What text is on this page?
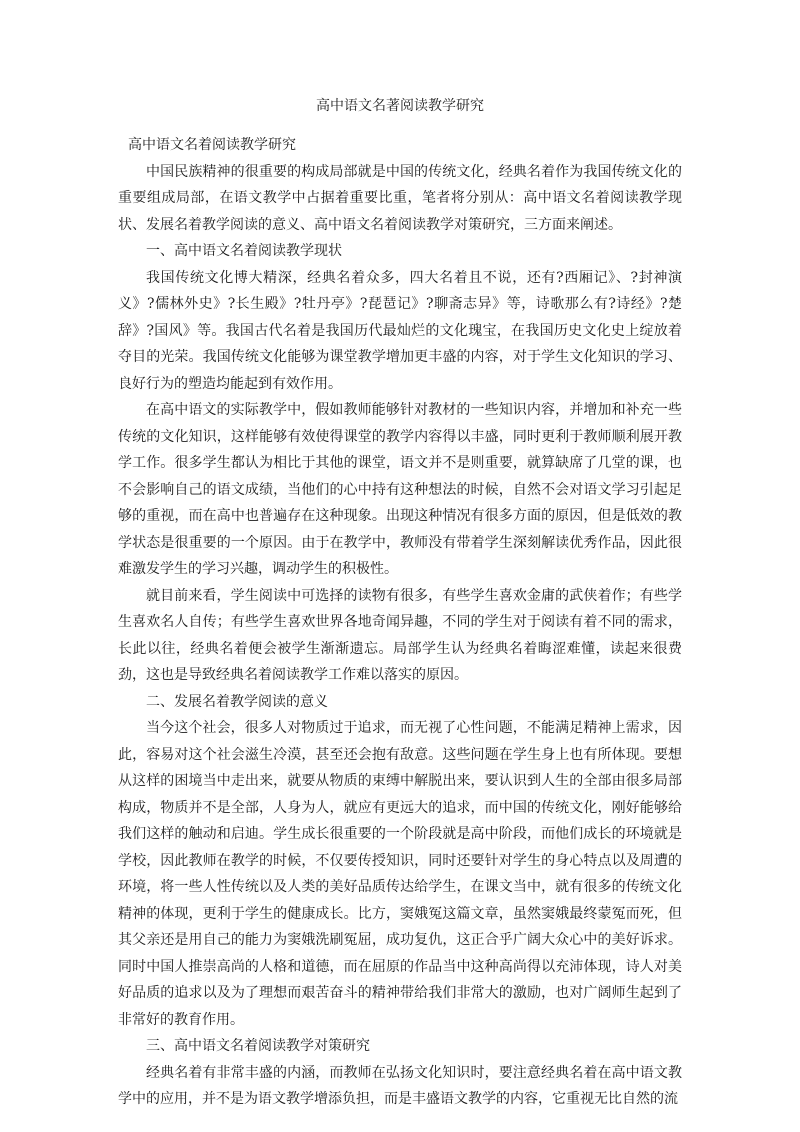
高中语文名著阅读教学研究

高中语文名着阅读教学研究

中国民族精神的很重要的构成局部就是中国的传统文化，经典名着作为我国传统文化的重要组成局部，在语文教学中占据着重要比重，笔者将分别从：高中语文名着阅读教学现状、发展名着教学阅读的意义、高中语文名着阅读教学对策研究，三方面来阐述。

一、高中语文名着阅读教学现状

我国传统文化博大精深，经典名着众多，四大名着且不说，还有?西厢记》、?封神演义》?儒林外史》?长生殿》?牡丹亭》?琵琶记》?聊斋志异》等，诗歌那么有?诗经》?楚辞》?国风》等。我国古代名着是我国历代最灿烂的文化瑰宝，在我国历史文化史上绽放着夺目的光荣。我国传统文化能够为课堂教学增加更丰盛的内容，对于学生文化知识的学习、良好行为的塑造均能起到有效作用。

在高中语文的实际教学中，假如教师能够针对教材的一些知识内容，并增加和补充一些传统的文化知识，这样能够有效使得课堂的教学内容得以丰盛，同时更利于教师顺利展开教学工作。很多学生都认为相比于其他的课堂，语文并不是则重要，就算缺席了几堂的课，也不会影响自己的语文成绩，当他们的心中持有这种想法的时候，自然不会对语文学习引起足够的重视，而在高中也普遍存在这种现象。出现这种情况有很多方面的原因，但是低效的教学状态是很重要的一个原因。由于在教学中，教师没有带着学生深刻解读优秀作品，因此很难激发学生的学习兴趣，调动学生的积极性。

就目前来看，学生阅读中可选择的读物有很多，有些学生喜欢金庸的武侠着作；有些学生喜欢名人自传；有些学生喜欢世界各地奇闻异趣，不同的学生对于阅读有着不同的需求，长此以往，经典名着便会被学生渐渐遗忘。局部学生认为经典名着晦涩难懂，读起来很费劲，这也是导致经典名着阅读教学工作难以落实的原因。

二、发展名着教学阅读的意义

当今这个社会，很多人对物质过于追求，而无视了心性问题，不能满足精神上需求，因此，容易对这个社会滋生冷漠，甚至还会抱有敌意。这些问题在学生身上也有所体现。要想从这样的困境当中走出来，就要从物质的束缚中解脱出来，要认识到人生的全部由很多局部构成，物质并不是全部，人身为人，就应有更远大的追求，而中国的传统文化，刚好能够给我们这样的触动和启迪。学生成长很重要的一个阶段就是高中阶段，而他们成长的环境就是学校，因此教师在教学的时候，不仅要传授知识，同时还要针对学生的身心特点以及周遭的环境，将一些人性传统以及人类的美好品质传达给学生，在课文当中，就有很多的传统文化精神的体现，更利于学生的健康成长。比方，窦娥冤这篇文章，虽然窦娥最终蒙冤而死，但其父亲还是用自己的能力为窦娥洗刷冤屈，成功复仇，这正合乎广阔大众心中的美好诉求。同时中国人推崇高尚的人格和道德，而在屈原的作品当中这种高尚得以充沛体现，诗人对美好品质的追求以及为了理想而艰苦奋斗的精神带给我们非常大的激励，也对广阔师生起到了非常好的教育作用。

三、高中语文名着阅读教学对策研究

经典名着有非常丰盛的内涵，而教师在弘扬文化知识时，要注意经典名着在高中语文教学中的应用，并不是为语文教学增添负担，而是丰盛语文教学的内容，它重视无比自然的流
